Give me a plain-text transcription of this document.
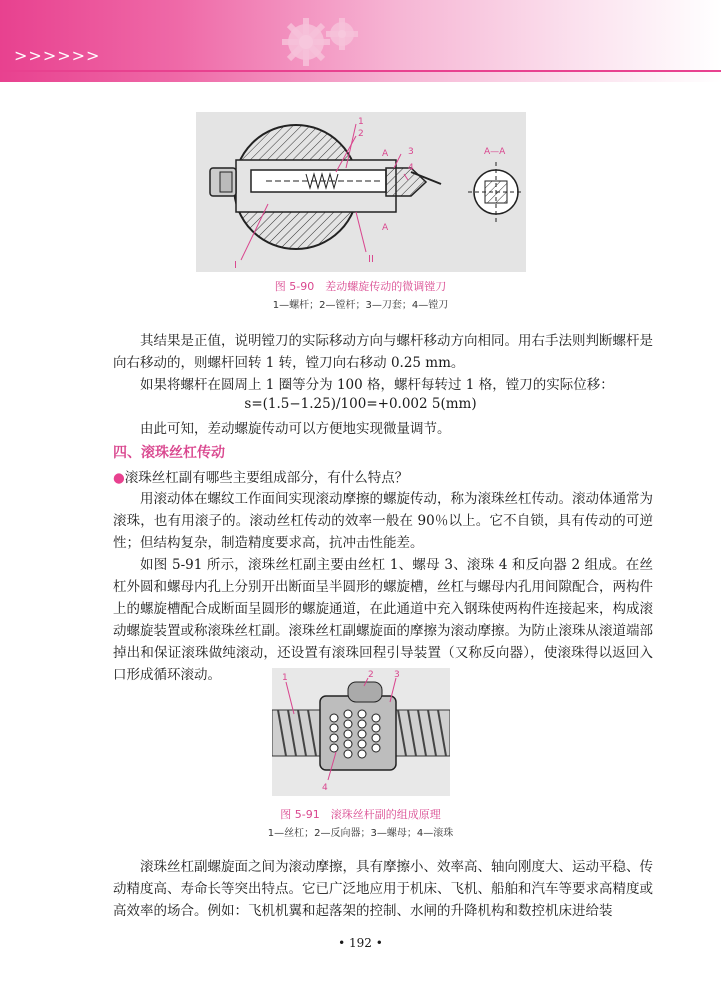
>>>>>>
1
2
3
4
A
A
I
II
A—A
图 5-90　差动螺旋传动的微调镗刀
1—螺杆；2—镗杆；3—刀套；4—镗刀

其结果是正值，说明镗刀的实际移动方向与螺杆移动方向相同。用右手法则判断螺杆是向右移动的，则螺杆回转 1 转，镗刀向右移动 0.25 mm。

如果将螺杆在圆周上 1 圈等分为 100 格，螺杆每转过 1 格，镗刀的实际位移：

s=(1.5−1.25)/100=+0.002 5(mm)

由此可知，差动螺旋传动可以方便地实现微量调节。

四、滚珠丝杠传动
●滚珠丝杠副有哪些主要组成部分，有什么特点？

用滚动体在螺纹工作面间实现滚动摩擦的螺旋传动，称为滚珠丝杠传动。滚动体通常为滚珠，也有用滚子的。滚动丝杠传动的效率一般在 90％以上。它不自锁，具有传动的可逆性；但结构复杂，制造精度要求高，抗冲击性能差。

如图 5-91 所示，滚珠丝杠副主要由丝杠 1、螺母 3、滚珠 4 和反向器 2 组成。在丝杠外圆和螺母内孔上分别开出断面呈半圆形的螺旋槽，丝杠与螺母内孔用间隙配合，两构件上的螺旋槽配合成断面呈圆形的螺旋通道，在此通道中充入钢珠使两构件连接起来，构成滚动螺旋装置或称滚珠丝杠副。滚珠丝杠副螺旋面的摩擦为滚动摩擦。为防止滚珠从滚道端部掉出和保证滚珠做纯滚动，还设置有滚珠回程引导装置（又称反向器），使滚珠得以返回入口形成循环滚动。	1	2 3
4
图 5-91　滚珠丝杆副的组成原理
1—丝杠；2—反向器；3—螺母；4—滚珠

滚珠丝杠副螺旋面之间为滚动摩擦，具有摩擦小、效率高、轴向刚度大、运动平稳、传动精度高、寿命长等突出特点。它已广泛地应用于机床、飞机、船舶和汽车等要求高精度或高效率的场合。例如：飞机机翼和起落架的控制、水闸的升降机构和数控机床进给装

• 192 •
